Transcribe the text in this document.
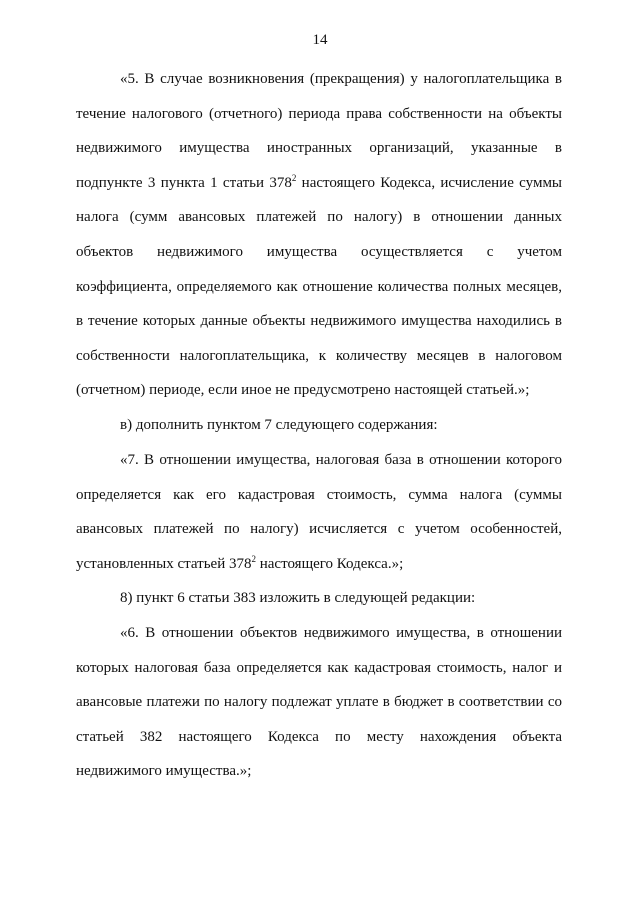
14
«5. В случае возникновения (прекращения) у налогоплательщика в
течение налогового (отчетного) периода права собственности на объекты
недвижимого имущества иностранных организаций, указанные в
подпункте 3 пункта 1 статьи $378^2$ настоящего Кодекса, исчисление суммы
налога (сумм авансовых платежей по налогу) в отношении данных
объектов недвижимого имущества осуществляется с учетом
коэффициента, определяемого как отношение количества полных месяцев,
в течение которых данные объекты недвижимого имущества находились в
собственности налогоплательщика, к количеству месяцев в налоговом
(отчетном) периоде, если иное не предусмотрено настоящей статьей.»;
в) дополнить пунктом 7 следующего содержания:
«7. В отношении имущества, налоговая база в отношении которого
определяется как его кадастровая стоимость, сумма налога (суммы
авансовых платежей по налогу) исчисляется с учетом особенностей,
установленных статьей $378^2$ настоящего Кодекса.»;
8) пункт 6 статьи 383 изложить в следующей редакции:
«6. В отношении объектов недвижимого имущества, в отношении
которых налоговая база определяется как кадастровая стоимость, налог и
авансовые платежи по налогу подлежат уплате в бюджет в соответствии со
статьей 382 настоящего Кодекса по месту нахождения объекта
недвижимого имущества.»;
